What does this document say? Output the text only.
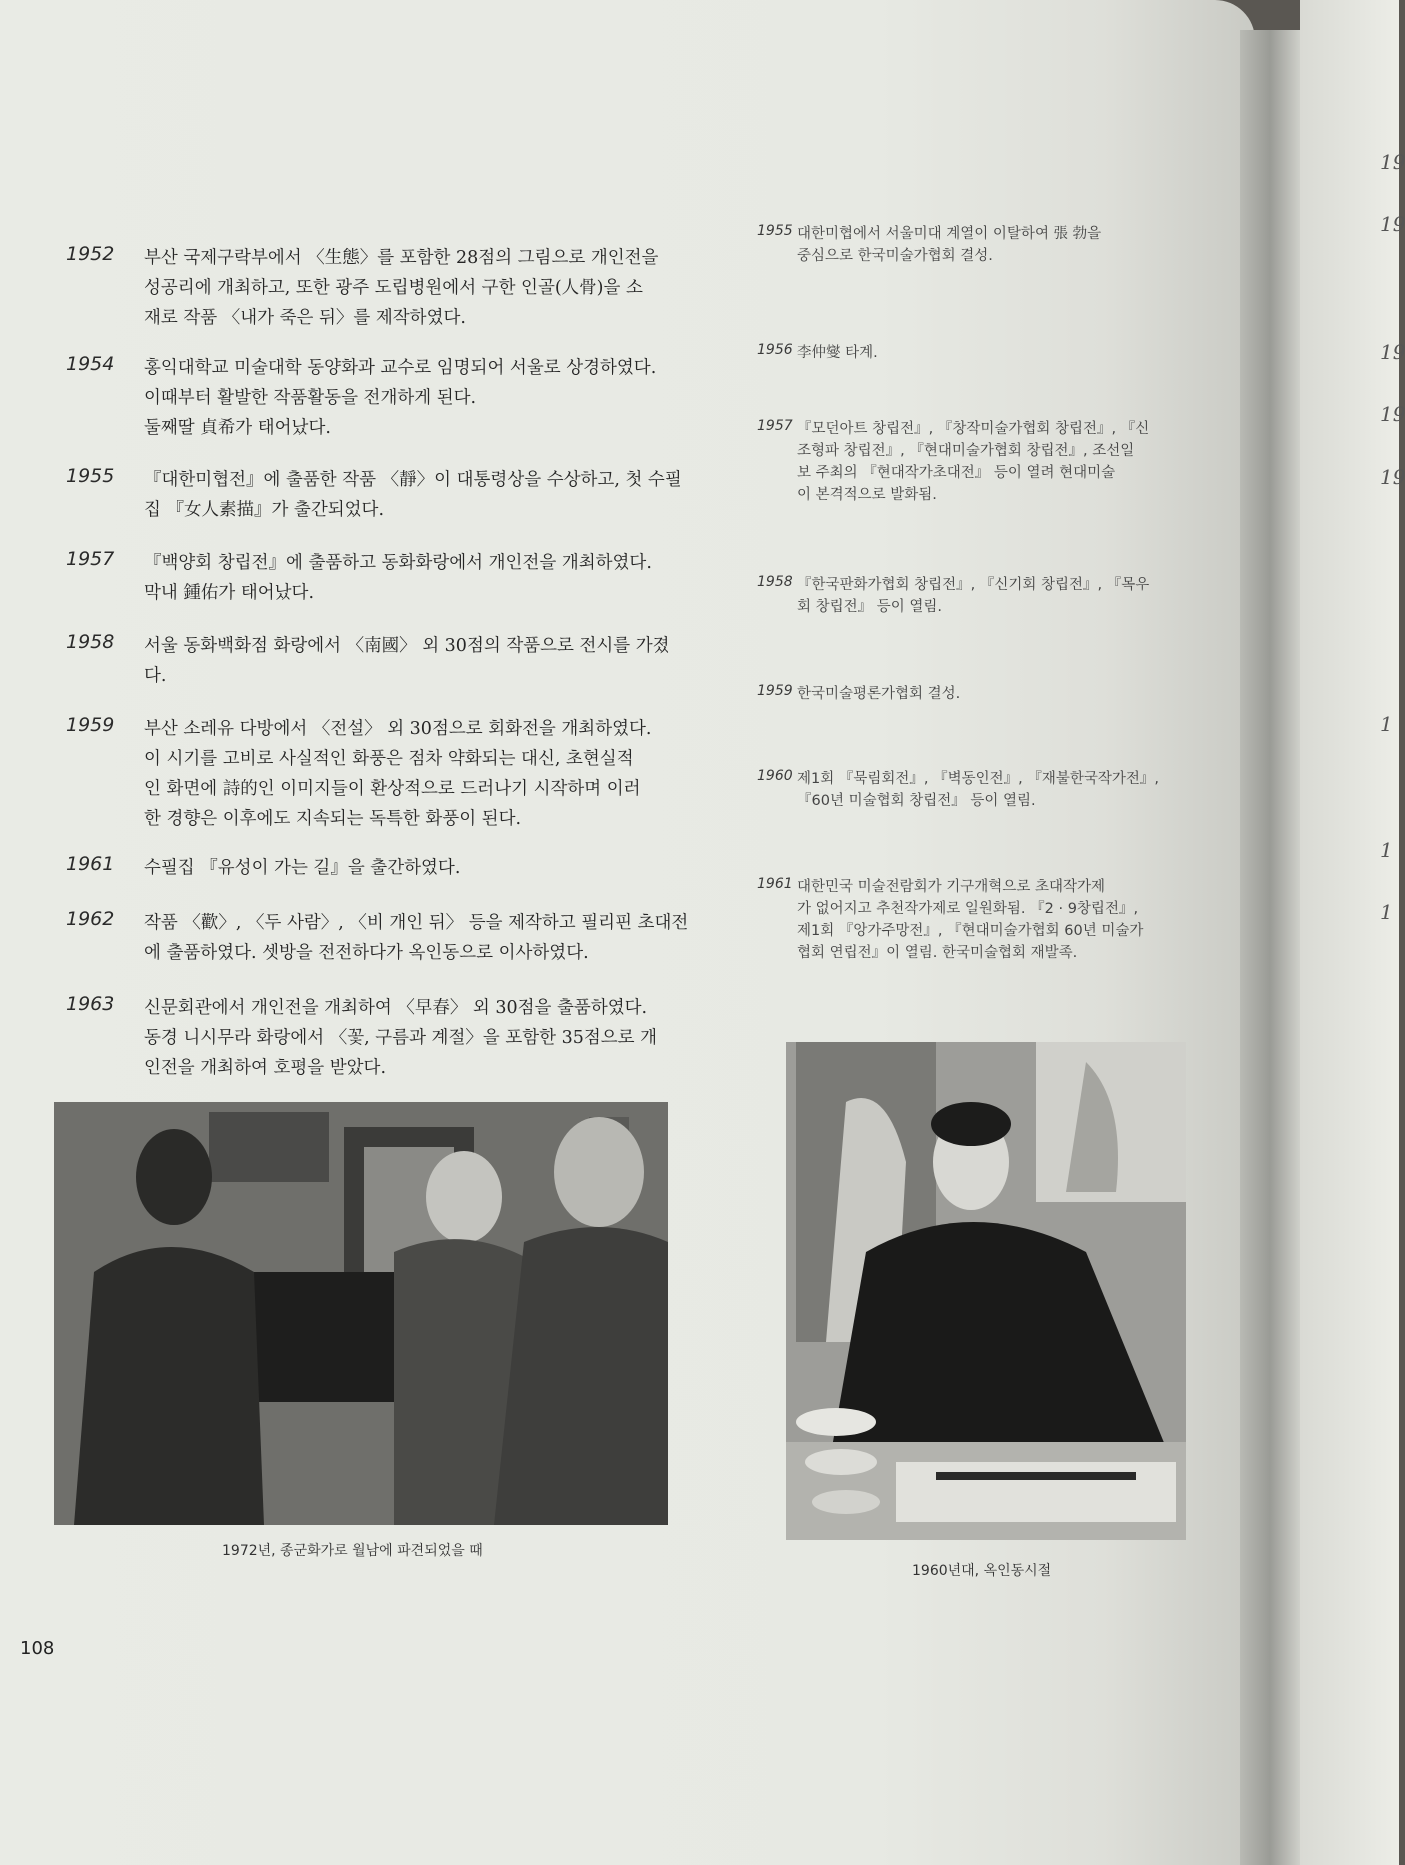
19
19
19
19
19
1
1
1
1952	부산 국제구락부에서 〈生態〉를 포함한 28점의 그림으로 개인전을
성공리에 개최하고, 또한 광주 도립병원에서 구한 인골(人骨)을 소
재로 작품 〈내가 죽은 뒤〉를 제작하였다.
1954	홍익대학교 미술대학 동양화과 교수로 임명되어 서울로 상경하였다.
이때부터 활발한 작품활동을 전개하게 된다.
둘째딸 貞希가 태어났다.
1955	『대한미협전』에 출품한 작품 〈靜〉이 대통령상을 수상하고, 첫 수필
집 『女人素描』가 출간되었다.
1957	『백양회 창립전』에 출품하고 동화화랑에서 개인전을 개최하였다.
막내 鍾佑가 태어났다.
1958	서울 동화백화점 화랑에서 〈南國〉 외 30점의 작품으로 전시를 가졌
다.
1959	부산 소레유 다방에서 〈전설〉 외 30점으로 회화전을 개최하였다.
이 시기를 고비로 사실적인 화풍은 점차 약화되는 대신, 초현실적
인 화면에 詩的인 이미지들이 환상적으로 드러나기 시작하며 이러
한 경향은 이후에도 지속되는 독특한 화풍이 된다.
1961	수필집 『유성이 가는 길』을 출간하였다.
1962	작품 〈歡〉, 〈두 사람〉, 〈비 개인 뒤〉 등을 제작하고 필리핀 초대전
에 출품하였다. 셋방을 전전하다가 옥인동으로 이사하였다.
1963	신문회관에서 개인전을 개최하여 〈早春〉 외 30점을 출품하였다.
동경 니시무라 화랑에서 〈꽃, 구름과 계절〉을 포함한 35점으로 개
인전을 개최하여 호평을 받았다.
1955 대한미협에서 서울미대 계열이 이탈하여 張 勃을
중심으로 한국미술가협회 결성.
1956 李仲燮 타계.
1957 『모던아트 창립전』, 『창작미술가협회 창립전』, 『신
조형파 창립전』, 『현대미술가협회 창립전』, 조선일
보 주최의 『현대작가초대전』 등이 열려 현대미술
이 본격적으로 발화됨.
1958 『한국판화가협회 창립전』, 『신기회 창립전』, 『목우
회 창립전』 등이 열림.
1959 한국미술평론가협회 결성.
1960 제1회 『묵림회전』, 『벽동인전』, 『재불한국작가전』,
『60년 미술협회 창립전』 등이 열림.
1961 대한민국 미술전람회가 기구개혁으로 초대작가제
가 없어지고 추천작가제로 일원화됨. 『2 · 9창립전』,
제1회 『앙가주망전』, 『현대미술가협회 60년 미술가
협회 연립전』이 열림. 한국미술협회 재발족.
1972년, 종군화가로 월남에 파견되었을 때
1960년대, 옥인동시절
108
